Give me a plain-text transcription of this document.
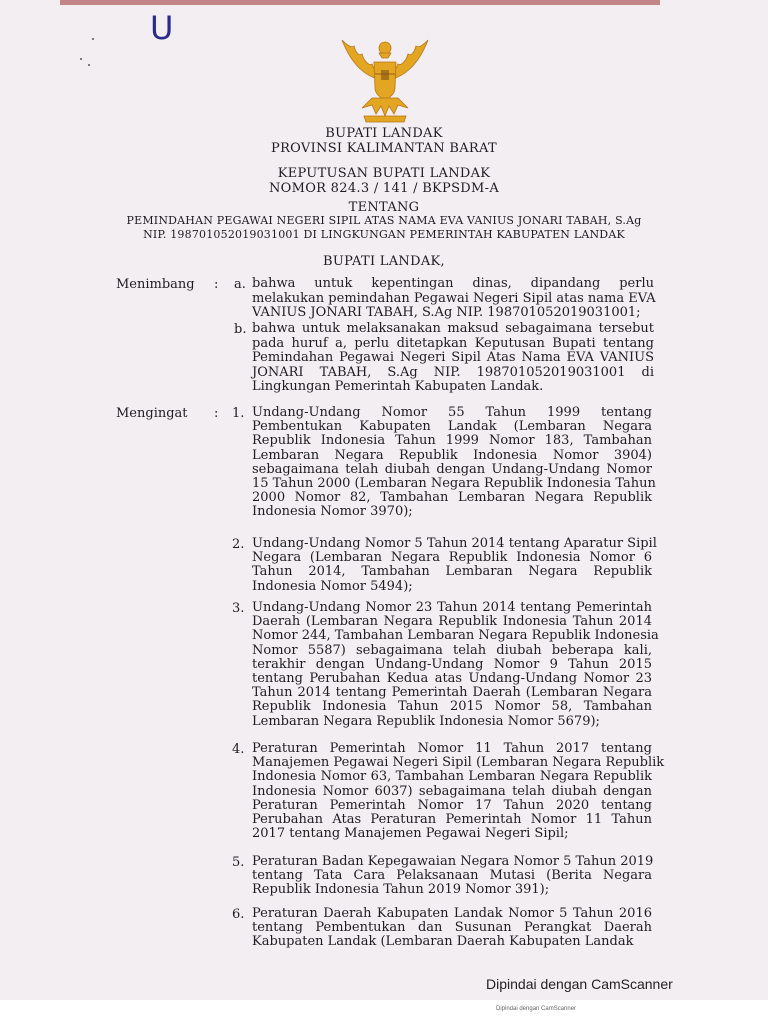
U
BUPATI LANDAK
PROVINSI KALIMANTAN BARAT
KEPUTUSAN BUPATI LANDAK
NOMOR 824.3 / 141 / BKPSDM-A
TENTANG
PEMINDAHAN PEGAWAI NEGERI SIPIL ATAS NAMA EVA VANIUS JONARI TABAH, S.Ag
NIP. 198701052019031001 DI LINGKUNGAN PEMERINTAH KABUPATEN LANDAK
BUPATI LANDAK,
Menimbang : a. bahwa untuk kepentingan dinas, dipandang perlu
melakukan pemindahan Pegawai Negeri Sipil atas nama EVA
VANIUS JONARI TABAH, S.Ag NIP. 198701052019031001;
b. bahwa untuk melaksanakan maksud sebagaimana tersebut
pada huruf a, perlu ditetapkan Keputusan Bupati tentang
Pemindahan Pegawai Negeri Sipil Atas Nama EVA VANIUS
JONARI TABAH, S.Ag NIP. 198701052019031001 di
Lingkungan Pemerintah Kabupaten Landak.
Mengingat : 1. Undang-Undang Nomor 55 Tahun 1999 tentang
Pembentukan Kabupaten Landak (Lembaran Negara
Republik Indonesia Tahun 1999 Nomor 183, Tambahan
Lembaran Negara Republik Indonesia Nomor 3904)
sebagaimana telah diubah dengan Undang-Undang Nomor
15 Tahun 2000 (Lembaran Negara Republik Indonesia Tahun
2000 Nomor 82, Tambahan Lembaran Negara Republik
Indonesia Nomor 3970);
2. Undang-Undang Nomor 5 Tahun 2014 tentang Aparatur Sipil
Negara (Lembaran Negara Republik Indonesia Nomor 6
Tahun 2014, Tambahan Lembaran Negara Republik
Indonesia Nomor 5494);
3. Undang-Undang Nomor 23 Tahun 2014 tentang Pemerintah
Daerah (Lembaran Negara Republik Indonesia Tahun 2014
Nomor 244, Tambahan Lembaran Negara Republik Indonesia
Nomor 5587) sebagaimana telah diubah beberapa kali,
terakhir dengan Undang-Undang Nomor 9 Tahun 2015
tentang Perubahan Kedua atas Undang-Undang Nomor 23
Tahun 2014 tentang Pemerintah Daerah (Lembaran Negara
Republik Indonesia Tahun 2015 Nomor 58, Tambahan
Lembaran Negara Republik Indonesia Nomor 5679);
4. Peraturan Pemerintah Nomor 11 Tahun 2017 tentang
Manajemen Pegawai Negeri Sipil (Lembaran Negara Republik
Indonesia Nomor 63, Tambahan Lembaran Negara Republik
Indonesia Nomor 6037) sebagaimana telah diubah dengan
Peraturan Pemerintah Nomor 17 Tahun 2020 tentang
Perubahan Atas Peraturan Pemerintah Nomor 11 Tahun
2017 tentang Manajemen Pegawai Negeri Sipil;
5. Peraturan Badan Kepegawaian Negara Nomor 5 Tahun 2019
tentang Tata Cara Pelaksanaan Mutasi (Berita Negara
Republik Indonesia Tahun 2019 Nomor 391);
6. Peraturan Daerah Kabupaten Landak Nomor 5 Tahun 2016
tentang Pembentukan dan Susunan Perangkat Daerah
Kabupaten Landak (Lembaran Daerah Kabupaten Landak
Dipindai dengan CamScanner
Dipindai dengan CamScanner
